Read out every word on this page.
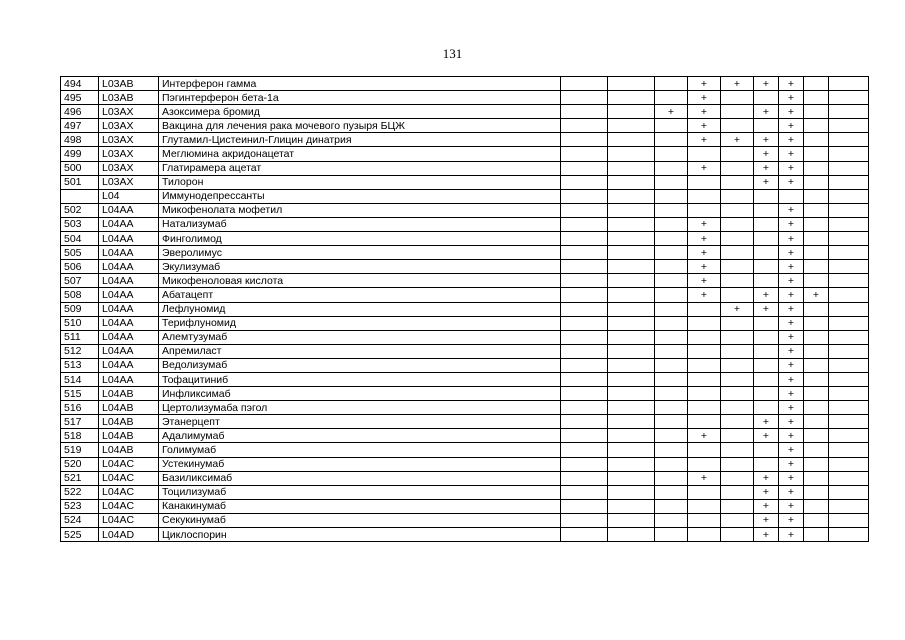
131
494	L03AB	Интерферон гамма				+	+	+	+		
495	L03AB	Пэгинтерферон бета-1а				+			+		
496	L03AX	Азоксимера бромид			+	+		+	+		
497	L03AX	Вакцина для лечения рака мочевого пузыря БЦЖ				+			+		
498	L03AX	Глутамил-Цистеинил-Глицин динатрия				+	+	+	+		
499	L03AX	Меглюмина акридонацетат						+	+		
500	L03AX	Глатирамера ацетат				+		+	+		
501	L03AX	Тилорон						+	+		
	L04	Иммунодепрессанты									
502	L04AA	Микофенолата мофетил							+		
503	L04AA	Натализумаб				+			+		
504	L04AA	Финголимод				+			+		
505	L04AA	Эверолимус				+			+		
506	L04AA	Экулизумаб				+			+		
507	L04AA	Микофеноловая кислота				+			+		
508	L04AA	Абатацепт				+		+	+	+	
509	L04AA	Лефлуномид					+	+	+		
510	L04AA	Терифлуномид							+		
511	L04AA	Алемтузумаб							+		
512	L04AA	Апремиласт							+		
513	L04AA	Ведолизумаб							+		
514	L04AA	Тофацитиниб							+		
515	L04AB	Инфликсимаб							+		
516	L04AB	Цертолизумаба пэгол							+		
517	L04AB	Этанерцепт						+	+		
518	L04AB	Адалимумаб				+		+	+		
519	L04AB	Голимумаб							+		
520	L04AC	Устекинумаб							+		
521	L04AC	Базиликсимаб				+		+	+		
522	L04AC	Тоцилизумаб						+	+		
523	L04AC	Канакинумаб						+	+		
524	L04AC	Секукинумаб						+	+		
525	L04AD	Циклоспорин						+	+		
